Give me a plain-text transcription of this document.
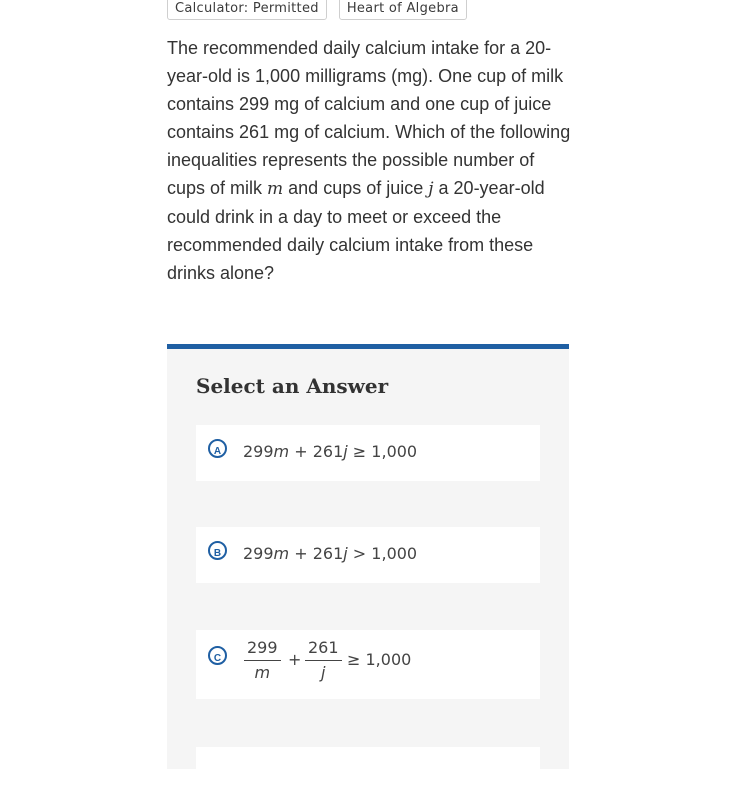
Calculator: Permitted	Heart of Algebra

The recommended daily calcium intake for a 20-year-old is 1,000 milligrams (mg). One cup of milk contains 299 mg of calcium and one cup of juice contains 261 mg of calcium. Which of the following inequalities represents the possible number of cups of milk m and cups of juice j a 20-year-old could drink in a day to meet or exceed the recommended daily calcium intake from these drinks alone?

Select an Answer
A	299m + 261j ≥ 1,000
B	299m + 261j > 1,000
C
299
m
+
261
j
≥ 1,000
